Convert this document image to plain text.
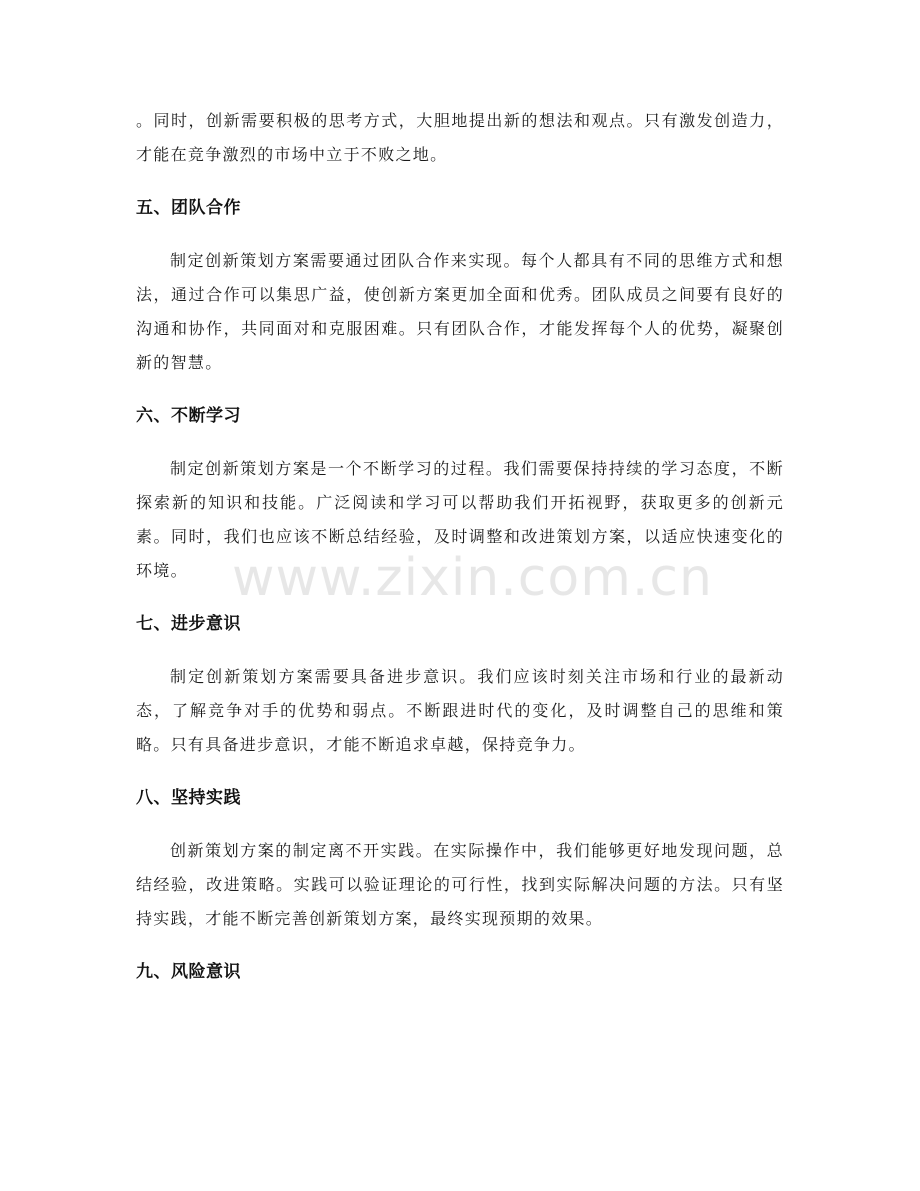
。同时，创新需要积极的思考方式，大胆地提出新的想法和观点。只有激发创造力，才能在竞争激烈的市场中立于不败之地。

五、团队合作

制定创新策划方案需要通过团队合作来实现。每个人都具有不同的思维方式和想法，通过合作可以集思广益，使创新方案更加全面和优秀。团队成员之间要有良好的沟通和协作，共同面对和克服困难。只有团队合作，才能发挥每个人的优势，凝聚创新的智慧。

六、不断学习

制定创新策划方案是一个不断学习的过程。我们需要保持持续的学习态度，不断探索新的知识和技能。广泛阅读和学习可以帮助我们开拓视野，获取更多的创新元素。同时，我们也应该不断总结经验，及时调整和改进策划方案，以适应快速变化的环境。

七、进步意识

制定创新策划方案需要具备进步意识。我们应该时刻关注市场和行业的最新动态，了解竞争对手的优势和弱点。不断跟进时代的变化，及时调整自己的思维和策略。只有具备进步意识，才能不断追求卓越，保持竞争力。

八、坚持实践

创新策划方案的制定离不开实践。在实际操作中，我们能够更好地发现问题，总结经验，改进策略。实践可以验证理论的可行性，找到实际解决问题的方法。只有坚持实践，才能不断完善创新策划方案，最终实现预期的效果。

九、风险意识
www.zixin.com.cn
